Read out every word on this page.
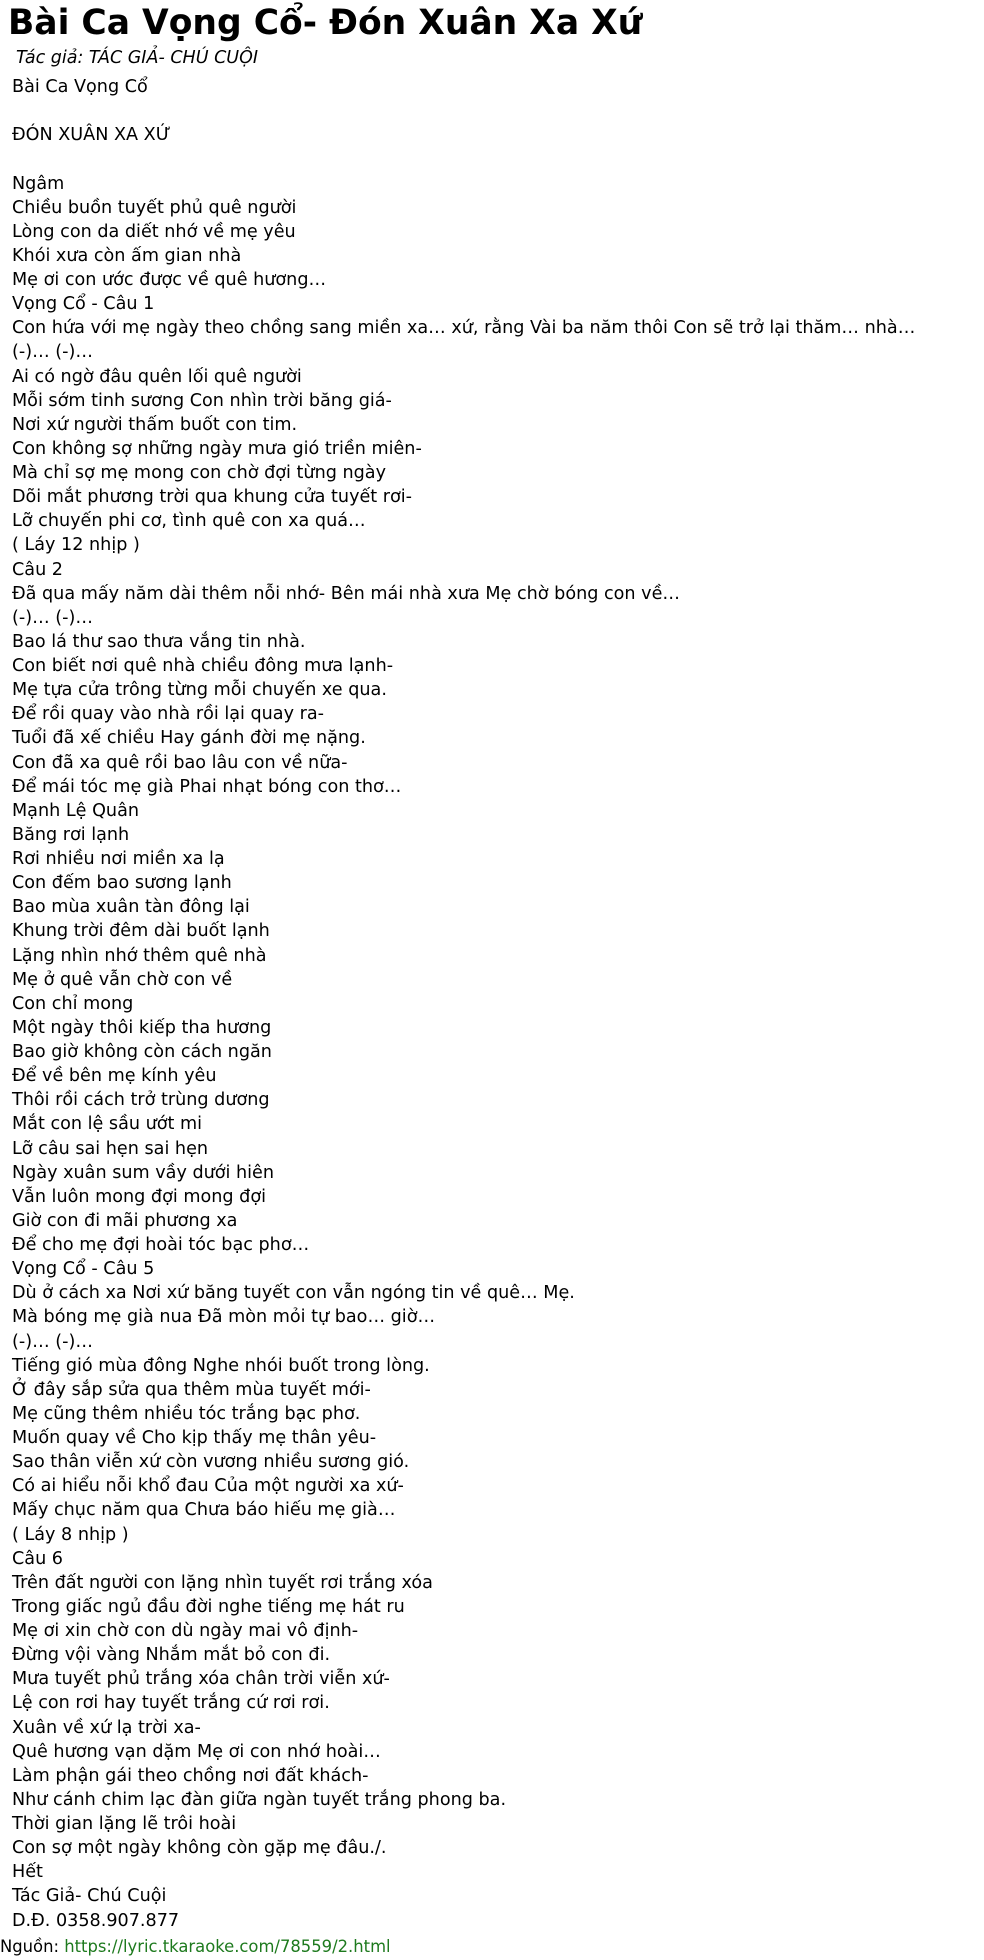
Bài Ca Vọng Cổ- Đón Xuân Xa Xứ

Tác giả: TÁC GIẢ- CHÚ CUỘI

Bài Ca Vọng Cổ
ĐÓN XUÂN XA XỨ
Ngâm
Chiều buồn tuyết phủ quê người
Lòng con da diết nhớ về mẹ yêu
Khói xưa còn ấm gian nhà
Mẹ ơi con ước được về quê hương…
Vọng Cổ - Câu 1
Con hứa với mẹ ngày theo chồng sang miền xa… xứ, rằng Vài ba năm thôi Con sẽ trở lại thăm… nhà…
(-)… (-)…
Ai có ngờ đâu quên lối quê người
Mỗi sớm tinh sương Con nhìn trời băng giá-
Nơi xứ người thấm buốt con tim.
Con không sợ những ngày mưa gió triền miên-
Mà chỉ sợ mẹ mong con chờ đợi từng ngày
Dõi mắt phương trời qua khung cửa tuyết rơi-
Lỡ chuyến phi cơ, tình quê con xa quá…
( Láy 12 nhịp )
Câu 2
Đã qua mấy năm dài thêm nỗi nhớ- Bên mái nhà xưa Mẹ chờ bóng con về…
(-)… (-)…
Bao lá thư sao thưa vắng tin nhà.
Con biết nơi quê nhà chiều đông mưa lạnh-
Mẹ tựa cửa trông từng mỗi chuyến xe qua.
Để rồi quay vào nhà rồi lại quay ra-
Tuổi đã xế chiều Hay gánh đời mẹ nặng.
Con đã xa quê rồi bao lâu con về nữa-
Để mái tóc mẹ già Phai nhạt bóng con thơ…
Mạnh Lệ Quân
Băng rơi lạnh
Rơi nhiều nơi miền xa lạ
Con đếm bao sương lạnh
Bao mùa xuân tàn đông lại
Khung trời đêm dài buốt lạnh
Lặng nhìn nhớ thêm quê nhà
Mẹ ở quê vẫn chờ con về
Con chỉ mong
Một ngày thôi kiếp tha hương
Bao giờ không còn cách ngăn
Để về bên mẹ kính yêu
Thôi rồi cách trở trùng dương
Mắt con lệ sầu ướt mi
Lỡ câu sai hẹn sai hẹn
Ngày xuân sum vầy dưới hiên
Vẫn luôn mong đợi mong đợi
Giờ con đi mãi phương xa
Để cho mẹ đợi hoài tóc bạc phơ…
Vọng Cổ - Câu 5
Dù ở cách xa Nơi xứ băng tuyết con vẫn ngóng tin về quê… Mẹ.
Mà bóng mẹ già nua Đã mòn mỏi tự bao… giờ…
(-)… (-)…
Tiếng gió mùa đông Nghe nhói buốt trong lòng.
Ở đây sắp sửa qua thêm mùa tuyết mới-
Mẹ cũng thêm nhiều tóc trắng bạc phơ.
Muốn quay về Cho kịp thấy mẹ thân yêu-
Sao thân viễn xứ còn vương nhiều sương gió.
Có ai hiểu nỗi khổ đau Của một người xa xứ-
Mấy chục năm qua Chưa báo hiếu mẹ già…
( Láy 8 nhịp )
Câu 6
Trên đất người con lặng nhìn tuyết rơi trắng xóa
Trong giấc ngủ đầu đời nghe tiếng mẹ hát ru
Mẹ ơi xin chờ con dù ngày mai vô định-
Đừng vội vàng Nhắm mắt bỏ con đi.
Mưa tuyết phủ trắng xóa chân trời viễn xứ-
Lệ con rơi hay tuyết trắng cứ rơi rơi.
Xuân về xứ lạ trời xa-
Quê hương vạn dặm Mẹ ơi con nhớ hoài…
Làm phận gái theo chồng nơi đất khách-
Như cánh chim lạc đàn giữa ngàn tuyết trắng phong ba.
Thời gian lặng lẽ trôi hoài
Con sợ một ngày không còn gặp mẹ đâu./.
Hết
Tác Giả- Chú Cuội
D.Đ. 0358.907.877

Nguồn: https://lyric.tkaraoke.com/78559/2.html
